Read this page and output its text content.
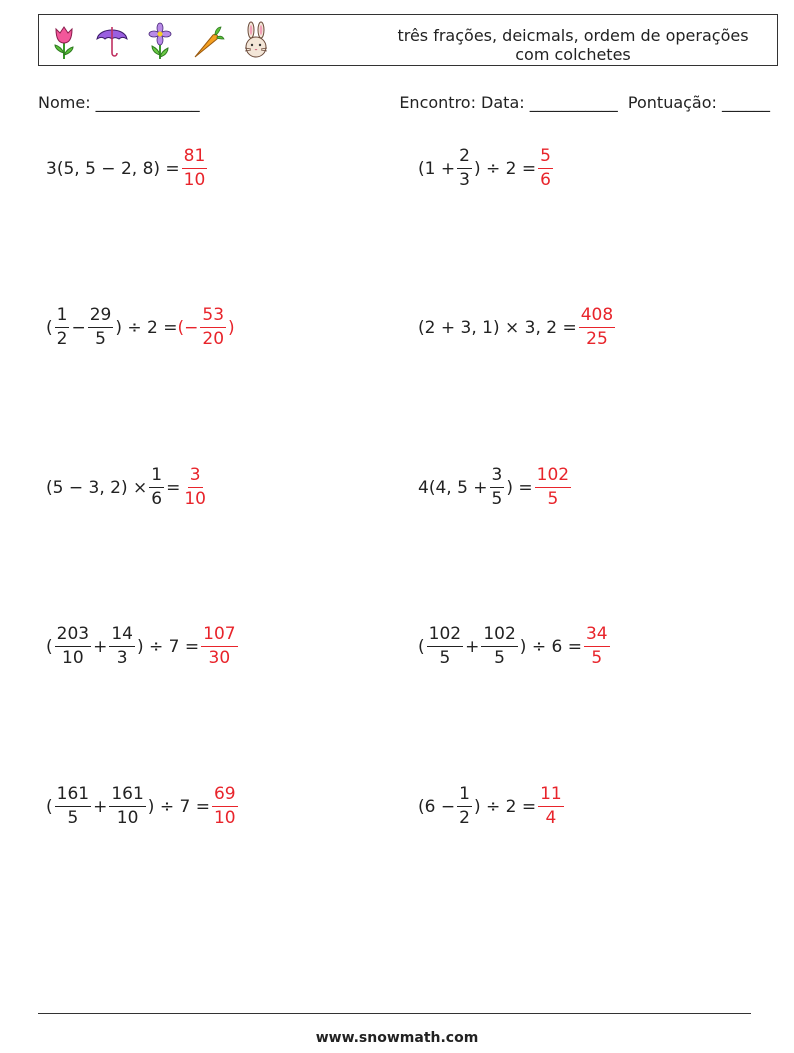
três frações, deicmals, ordem de operações
com colchetes
Nome: _____________	Encontro: Data: ___________  Pontuação: ______
3(5, 5 − 2, $8) = \frac{81}{10}$	($1 + \frac{2}{3}$ ) ÷ $2 = \frac{5}{6}$
( $\frac{1}{2} - \frac{29}{5}$ ) ÷ 2 = (− $\frac{53}{20}$ )	(2 + 3, 1) × 3, $2 = \frac{408}{25}$
(5 − 3, $2) \times \frac{1}{6} = \frac{3}{10}$	4(4, $5 + \frac{3}{5}$ ) = $\frac{102}{5}$
( $\frac{203}{10} + \frac{14}{3}$ ) ÷ $7 = \frac{107}{30}$	( $\frac{102}{5} + \frac{102}{5}$ ) ÷ $6 = \frac{34}{5}$
( $\frac{161}{5} + \frac{161}{10}$ ) ÷ $7 = \frac{69}{10}$	($6 - \frac{1}{2}$ ) ÷ $2 = \frac{11}{4}$
www.snowmath.com
